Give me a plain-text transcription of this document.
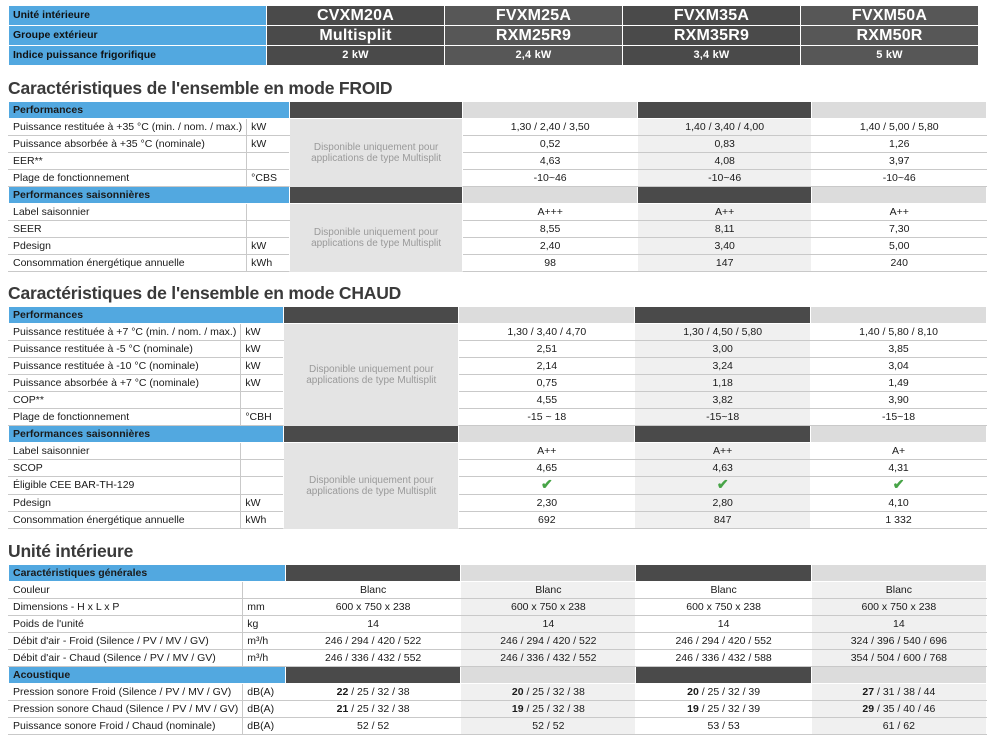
Unité intérieure	CVXM20A	FVXM25A	FVXM35A	FVXM50A
Groupe extérieur	Multisplit	RXM25R9	RXM35R9	RXM50R
Indice puissance frigorifique	2 kW	2,4 kW	3,4 kW	5 kW
Caractéristiques de l'ensemble en mode FROID
Performances					
Puissance restituée à +35 °C (min. / nom. / max.)	kW	Disponible uniquement pour applications de type Multisplit	1,30 / 2,40 / 3,50	1,40 / 3,40 / 4,00	1,40 / 5,00 / 5,80
Puissance absorbée à +35 °C (nominale)	kW		0,52	0,83	1,26
EER**			4,63	4,08	3,97
Plage de fonctionnement	°CBS		-10~46	-10~46	-10~46
Performances saisonnières					
Label saisonnier		Disponible uniquement pour applications de type Multisplit	A+++	A++	A++
SEER			8,55	8,11	7,30
Pdesign	kW		2,40	3,40	5,00
Consommation énergétique annuelle	kWh		98	147	240
Caractéristiques de l'ensemble en mode CHAUD
Performances					
Puissance restituée à +7 °C (min. / nom. / max.)	kW	Disponible uniquement pour applications de type Multisplit	1,30 / 3,40 / 4,70	1,30 / 4,50 / 5,80	1,40 / 5,80 / 8,10
Puissance restituée à -5 °C (nominale)	kW		2,51	3,00	3,85
Puissance restituée à -10 °C (nominale)	kW		2,14	3,24	3,04
Puissance absorbée à +7 °C (nominale)	kW		0,75	1,18	1,49
COP**			4,55	3,82	3,90
Plage de fonctionnement	°CBH		-15 ~ 18	-15~18	-15~18
Performances saisonnières					
Label saisonnier		Disponible uniquement pour applications de type Multisplit	A++	A++	A+
SCOP			4,65	4,63	4,31
Éligible CEE BAR-TH-129			✔	✔	✔
Pdesign	kW		2,30	2,80	4,10
Consommation énergétique annuelle	kWh		692	847	1 332
Unité intérieure
Caractéristiques générales					
Couleur		Blanc	Blanc	Blanc	Blanc
Dimensions - H x L x P	mm	600 x 750 x 238	600 x 750 x 238	600 x 750 x 238	600 x 750 x 238
Poids de l'unité	kg	14	14	14	14
Débit d'air - Froid (Silence / PV / MV / GV)	m³/h	246 / 294 / 420 / 522	246 / 294 / 420 / 522	246 / 294 / 420 / 552	324 / 396 / 540 / 696
Débit d'air - Chaud (Silence / PV / MV / GV)	m³/h	246 / 336 / 432 / 552	246 / 336 / 432 / 552	246 / 336 / 432 / 588	354 / 504 / 600 / 768
Acoustique					
Pression sonore Froid (Silence / PV / MV / GV)	dB(A)	22 / 25 / 32 / 38	20 / 25 / 32 / 38	20 / 25 / 32 / 39	27 / 31 / 38 / 44
Pression sonore Chaud (Silence / PV / MV / GV)	dB(A)	21 / 25 / 32 / 38	19 / 25 / 32 / 38	19 / 25 / 32 / 39	29 / 35 / 40 / 46
Puissance sonore Froid / Chaud (nominale)	dB(A)	52 / 52	52 / 52	53 / 53	61 / 62
